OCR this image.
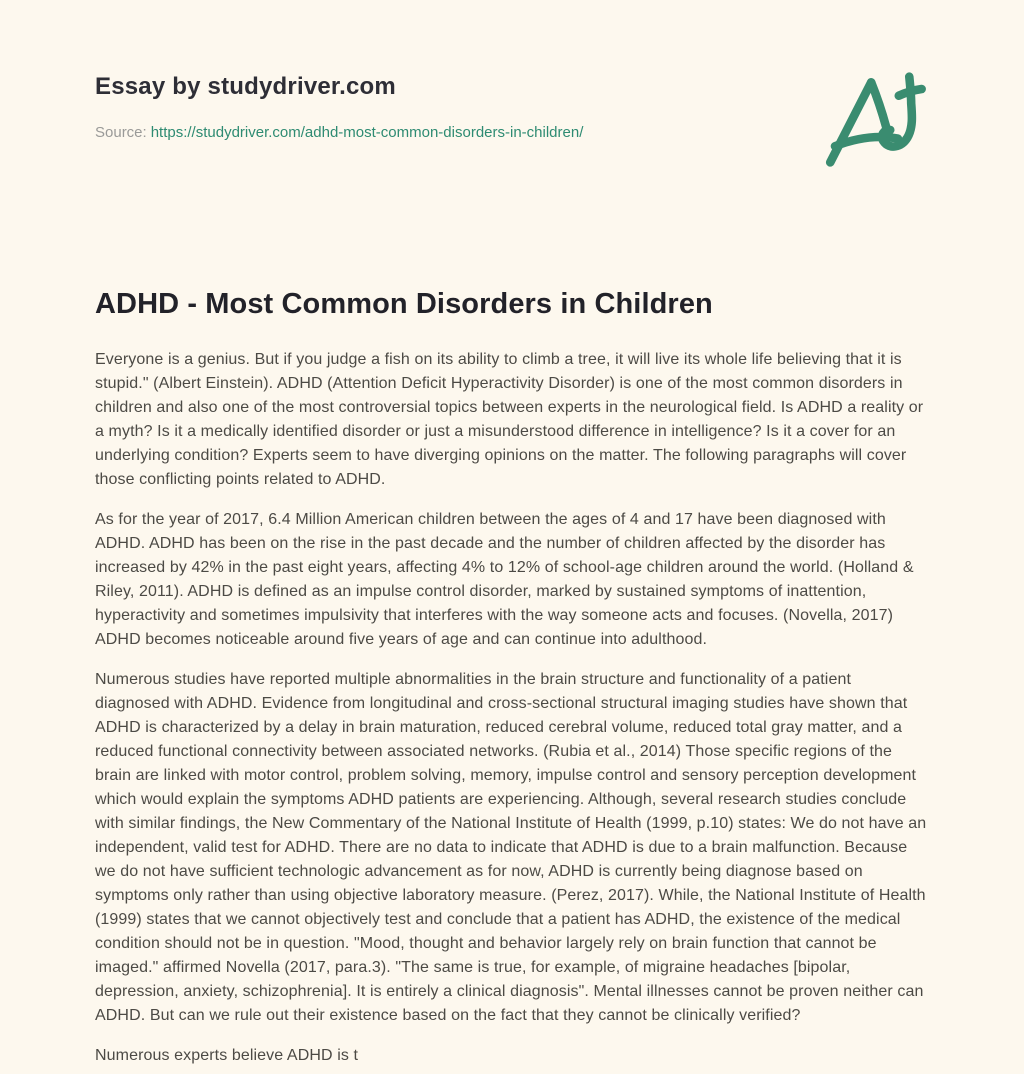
Essay by studydriver.com

Source: https://studydriver.com/adhd-most-common-disorders-in-children/

ADHD - Most Common Disorders in Children

Everyone is a genius. But if you judge a fish on its ability to climb a tree, it will live its whole life believing that it is stupid." (Albert Einstein). ADHD (Attention Deficit Hyperactivity Disorder) is one of the most common disorders in children and also one of the most controversial topics between experts in the neurological field. Is ADHD a reality or a myth? Is it a medically identified disorder or just a misunderstood difference in intelligence? Is it a cover for an underlying condition? Experts seem to have diverging opinions on the matter. The following paragraphs will cover those conflicting points related to ADHD.

As for the year of 2017, 6.4 Million American children between the ages of 4 and 17 have been diagnosed with ADHD. ADHD has been on the rise in the past decade and the number of children affected by the disorder has increased by 42% in the past eight years, affecting 4% to 12% of school-age children around the world. (Holland & Riley, 2011). ADHD is defined as an impulse control disorder, marked by sustained symptoms of inattention, hyperactivity and sometimes impulsivity that interferes with the way someone acts and focuses. (Novella, 2017) ADHD becomes noticeable around five years of age and can continue into adulthood.

Numerous studies have reported multiple abnormalities in the brain structure and functionality of a patient diagnosed with ADHD. Evidence from longitudinal and cross-sectional structural imaging studies have shown that ADHD is characterized by a delay in brain maturation, reduced cerebral volume, reduced total gray matter, and a reduced functional connectivity between associated networks. (Rubia et al., 2014) Those specific regions of the brain are linked with motor control, problem solving, memory, impulse control and sensory perception development which would explain the symptoms ADHD patients are experiencing. Although, several research studies conclude with similar findings, the New Commentary of the National Institute of Health (1999, p.10) states: We do not have an independent, valid test for ADHD. There are no data to indicate that ADHD is due to a brain malfunction. Because we do not have sufficient technologic advancement as for now, ADHD is currently being diagnose based on symptoms only rather than using objective laboratory measure. (Perez, 2017). While, the National Institute of Health (1999) states that we cannot objectively test and conclude that a patient has ADHD, the existence of the medical condition should not be in question. "Mood, thought and behavior largely rely on brain function that cannot be imaged." affirmed Novella (2017, para.3). "The same is true, for example, of migraine headaches [bipolar, depression, anxiety, schizophrenia]. It is entirely a clinical diagnosis". Mental illnesses cannot be proven neither can ADHD. But can we rule out their existence based on the fact that they cannot be clinically verified?

Numerous experts believe ADHD is t
